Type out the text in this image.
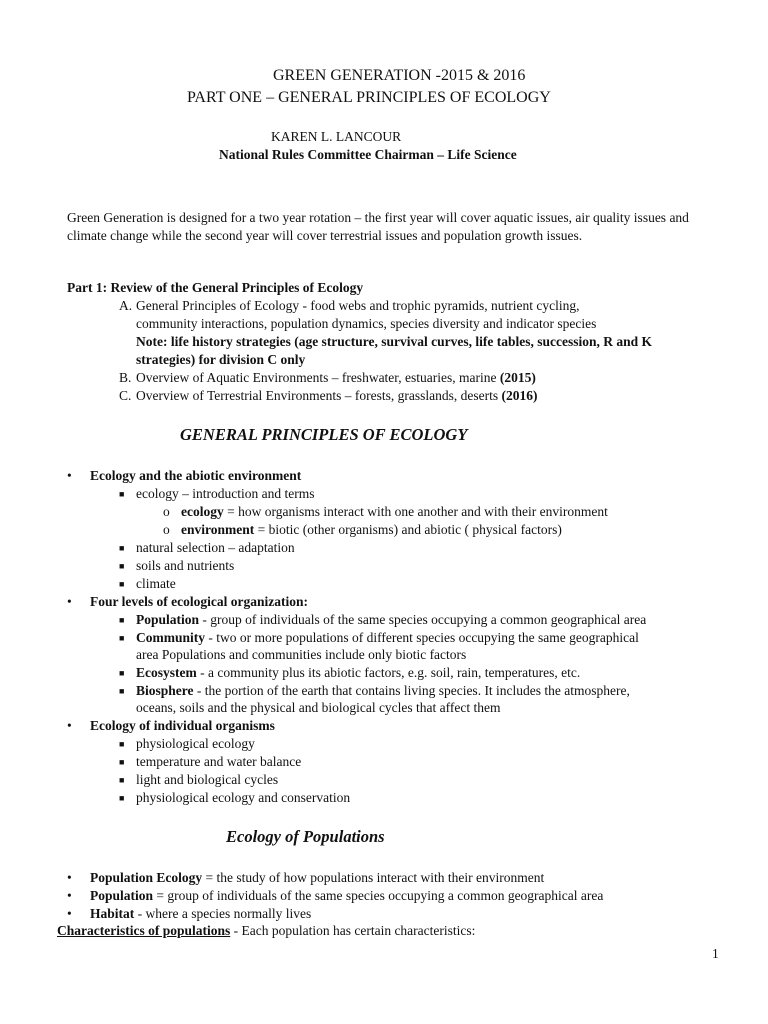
GREEN GENERATION -2015 & 2016
PART ONE – GENERAL PRINCIPLES OF ECOLOGY
KAREN L. LANCOUR
National Rules Committee Chairman – Life Science
Green Generation is designed for a two year rotation – the first year will cover aquatic issues, air quality issues and climate change while the second year will cover terrestrial issues and population growth issues.
Part 1: Review of the General Principles of Ecology
A. General Principles of Ecology - food webs and trophic pyramids, nutrient cycling,
community interactions, population dynamics, species diversity and indicator species
Note: life history strategies (age structure, survival curves, life tables, succession, R and K
strategies) for division C only
B. Overview of Aquatic Environments – freshwater, estuaries, marine (2015)
C. Overview of Terrestrial Environments – forests, grasslands, deserts (2016)
GENERAL PRINCIPLES OF ECOLOGY
• Ecology and the abiotic environment
■ ecology – introduction and terms
o ecology = how organisms interact with one another and with their environment
o environment = biotic (other organisms) and abiotic ( physical factors)
■ natural selection – adaptation
■ soils and nutrients
■ climate
• Four levels of ecological organization:
■ Population - group of individuals of the same species occupying a common geographical area
■ Community - two or more populations of different species occupying the same geographical
area Populations and communities include only biotic factors
■ Ecosystem - a community plus its abiotic factors, e.g. soil, rain, temperatures, etc.
■ Biosphere - the portion of the earth that contains living species. It includes the atmosphere,
oceans, soils and the physical and biological cycles that affect them
• Ecology of individual organisms
■ physiological ecology
■ temperature and water balance
■ light and biological cycles
■ physiological ecology and conservation
Ecology of Populations
• Population Ecology = the study of how populations interact with their environment
• Population = group of individuals of the same species occupying a common geographical area
• Habitat - where a species normally lives
Characteristics of populations - Each population has certain characteristics:
1
